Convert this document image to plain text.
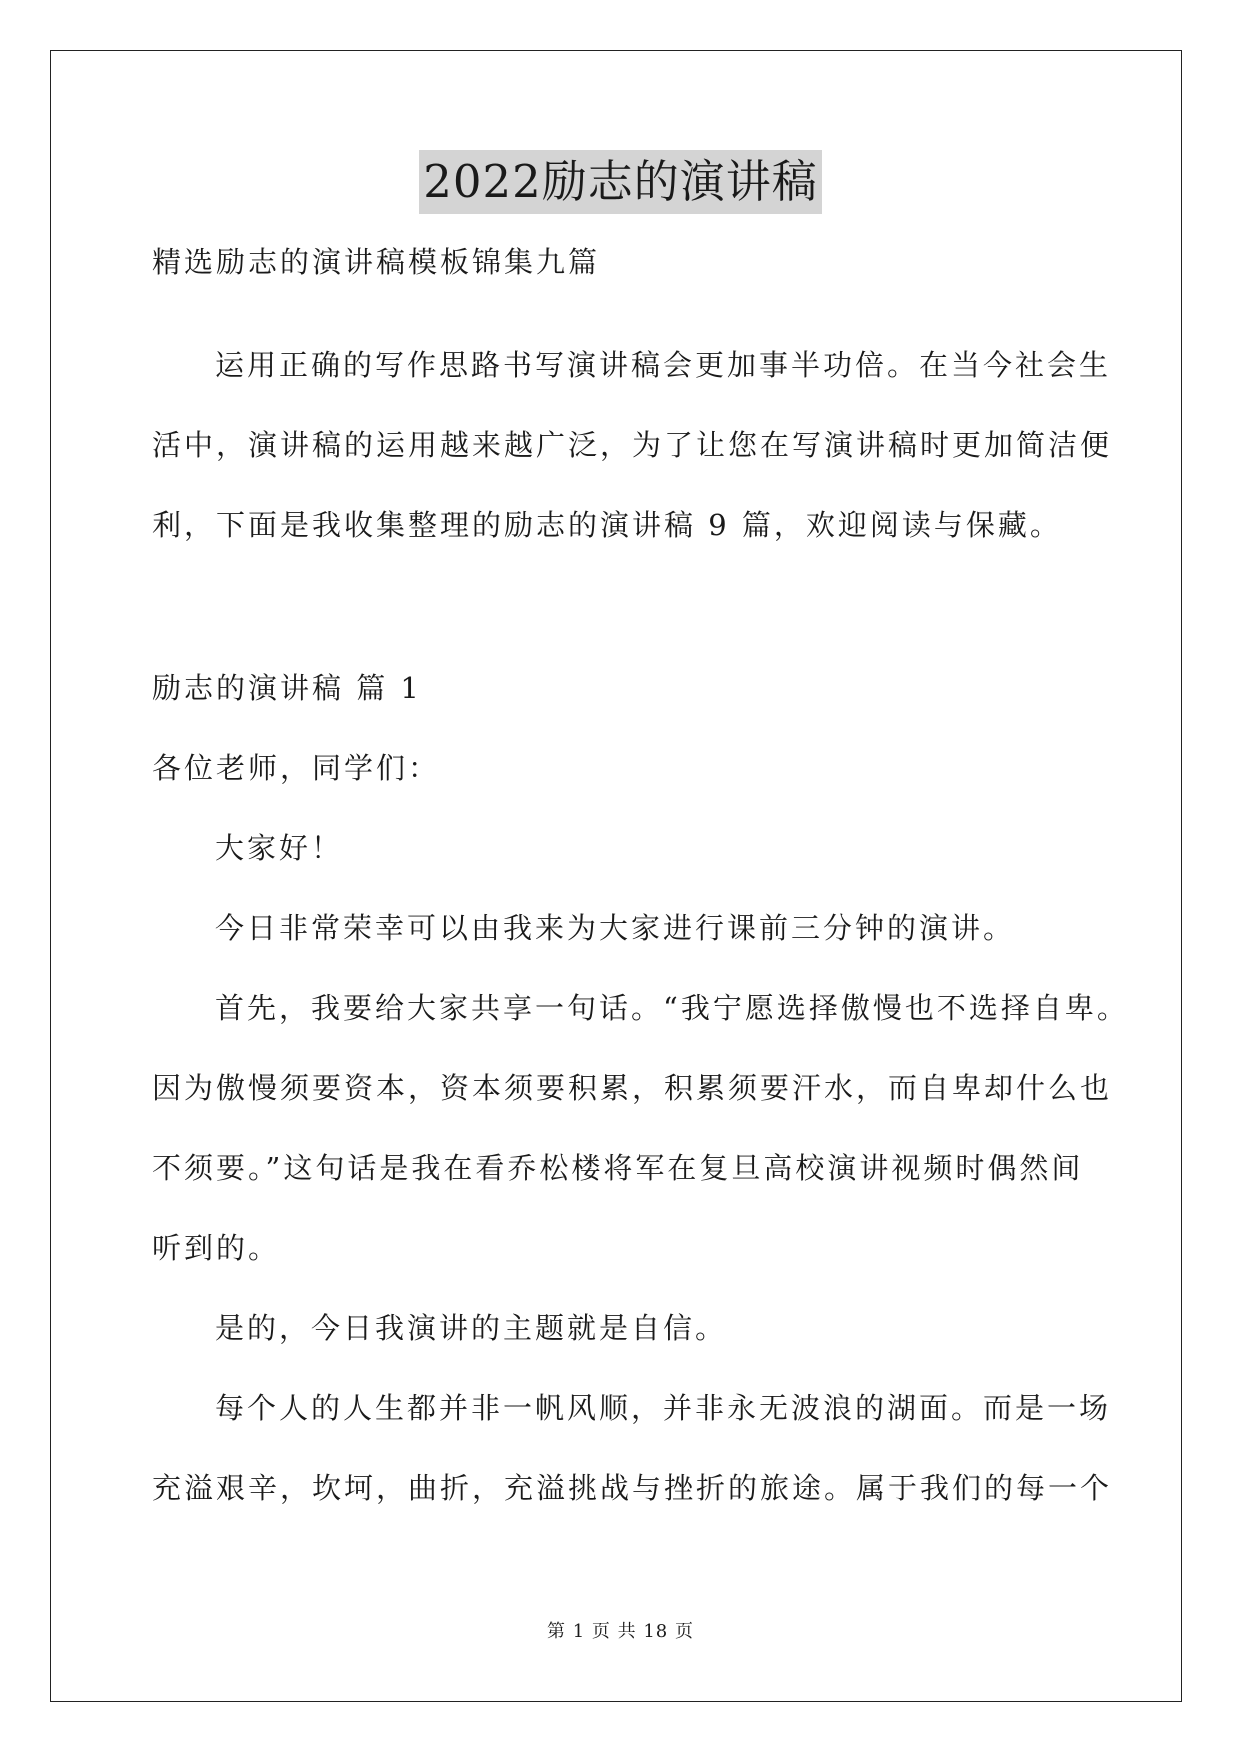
2022励志的演讲稿
精选励志的演讲稿模板锦集九篇
运用正确的写作思路书写演讲稿会更加事半功倍。在当今社会生
活中，演讲稿的运用越来越广泛，为了让您在写演讲稿时更加简洁便
利，下面是我收集整理的励志的演讲稿 9 篇，欢迎阅读与保藏。
励志的演讲稿 篇 1
各位老师，同学们：
大家好！
今日非常荣幸可以由我来为大家进行课前三分钟的演讲。
首先，我要给大家共享一句话。“我宁愿选择傲慢也不选择自卑。
因为傲慢须要资本，资本须要积累，积累须要汗水，而自卑却什么也
不须要。”这句话是我在看乔松楼将军在复旦高校演讲视频时偶然间
听到的。
是的，今日我演讲的主题就是自信。
每个人的人生都并非一帆风顺，并非永无波浪的湖面。而是一场
充溢艰辛，坎坷，曲折，充溢挑战与挫折的旅途。属于我们的每一个
第 1 页 共 18 页
